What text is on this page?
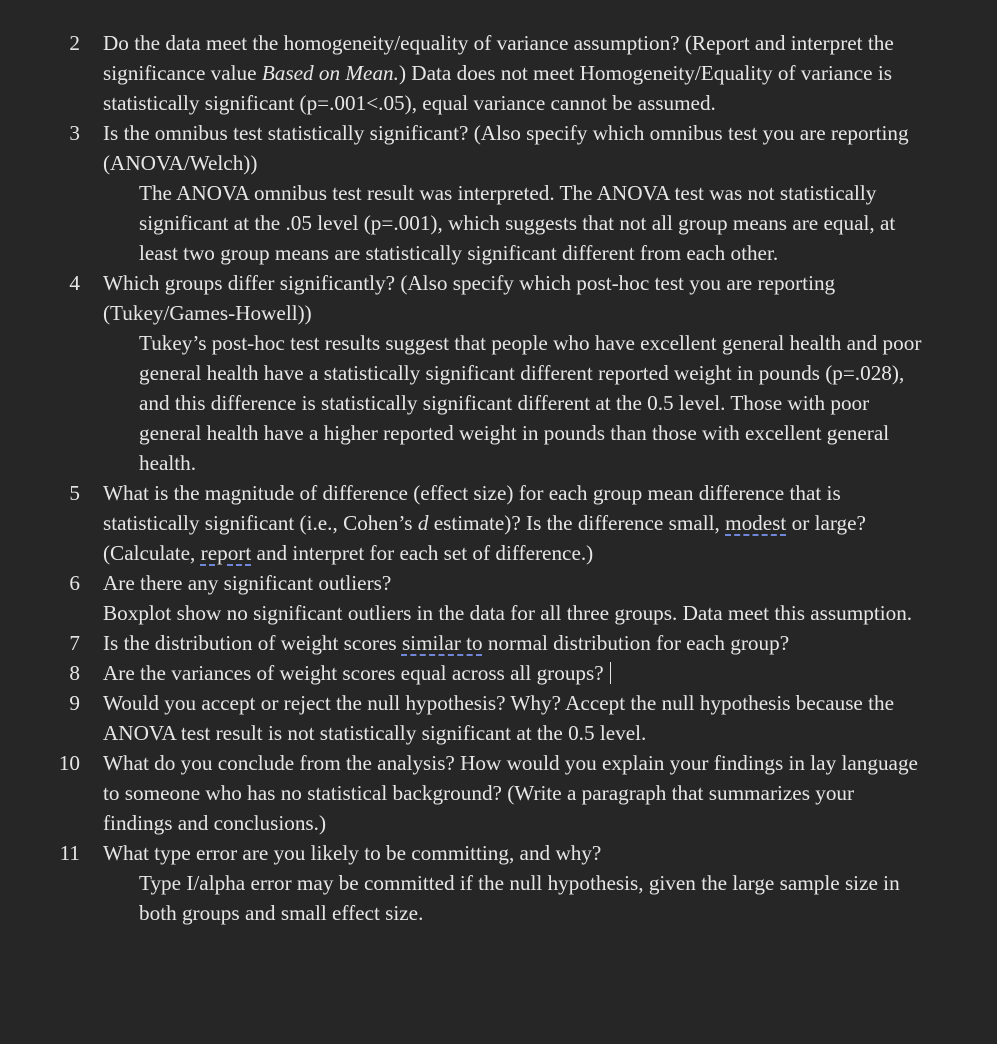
2 Do the data meet the homogeneity/equality of variance assumption? (Report and interpret the significance value Based on Mean.) Data does not meet Homogeneity/Equality of variance is statistically significant (p=.001<.05), equal variance cannot be assumed.
3 Is the omnibus test statistically significant? (Also specify which omnibus test you are reporting (ANOVA/Welch))
The ANOVA omnibus test result was interpreted. The ANOVA test was not statistically significant at the .05 level (p=.001), which suggests that not all group means are equal, at least two group means are statistically significant different from each other.
4 Which groups differ significantly? (Also specify which post-hoc test you are reporting (Tukey/Games-Howell))
Tukey’s post-hoc test results suggest that people who have excellent general health and poor general health have a statistically significant different reported weight in pounds (p=.028), and this difference is statistically significant different at the 0.5 level. Those with poor general health have a higher reported weight in pounds than those with excellent general health.
5 What is the magnitude of difference (effect size) for each group mean difference that is statistically significant (i.e., Cohen’s d estimate)? Is the difference small, modest or large? (Calculate, report and interpret for each set of difference.)
6 Are there any significant outliers?
Boxplot show no significant outliers in the data for all three groups. Data meet this assumption.
7 Is the distribution of weight scores similar to normal distribution for each group?
8 Are the variances of weight scores equal across all groups?
9 Would you accept or reject the null hypothesis? Why? Accept the null hypothesis because the ANOVA test result is not statistically significant at the 0.5 level.
10 What do you conclude from the analysis? How would you explain your findings in lay language to someone who has no statistical background? (Write a paragraph that summarizes your findings and conclusions.)
11 What type error are you likely to be committing, and why?
Type I/alpha error may be committed if the null hypothesis, given the large sample size in both groups and small effect size.
